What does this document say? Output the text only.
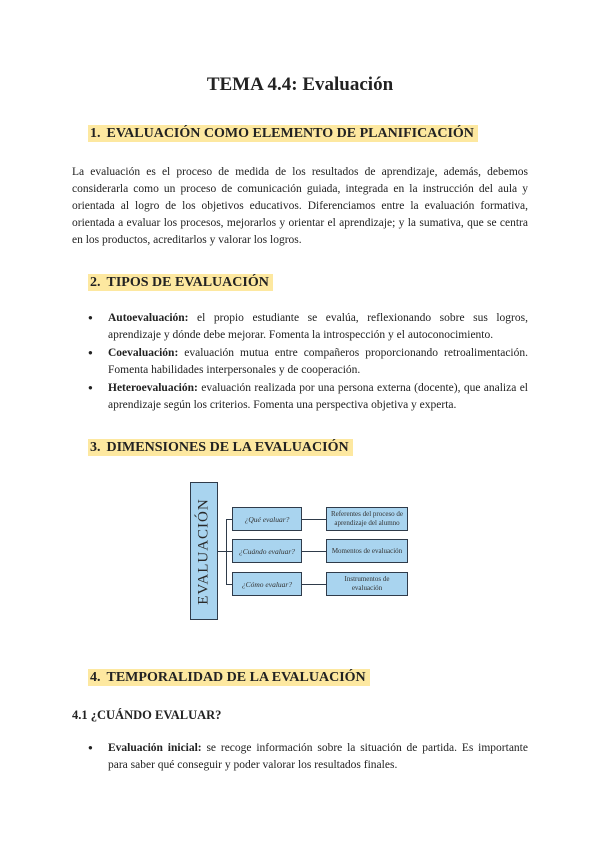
TEMA 4.4: Evaluación
1. EVALUACIÓN COMO ELEMENTO DE PLANIFICACIÓN

La evaluación es el proceso de medida de los resultados de aprendizaje, además, debemos considerarla como un proceso de comunicación guiada, integrada en la instrucción del aula y orientada al logro de los objetivos educativos. Diferenciamos entre la evaluación formativa, orientada a evaluar los procesos, mejorarlos y orientar el aprendizaje; y la sumativa, que se centra en los productos, acreditarlos y valorar los logros.

2. TIPOS DE EVALUACIÓN
● Autoevaluación: el propio estudiante se evalúa, reflexionando sobre sus logros, aprendizaje y dónde debe mejorar. Fomenta la introspección y el autoconocimiento.
● Coevaluación: evaluación mutua entre compañeros proporcionando retroalimentación. Fomenta habilidades interpersonales y de cooperación.
● Heteroevaluación: evaluación realizada por una persona externa (docente), que analiza el aprendizaje según los criterios. Fomenta una perspectiva objetiva y experta.
3. DIMENSIONES DE LA EVALUACIÓN
EVALUACIÓN	¿Qué evaluar?
¿Cuándo evaluar?
¿Cómo evaluar?
Referentes del proceso de aprendizaje del alumno
Momentos de evaluación
Instrumentos de evaluación
4. TEMPORALIDAD DE LA EVALUACIÓN
4.1 ¿CUÁNDO EVALUAR?
● Evaluación inicial: se recoge información sobre la situación de partida. Es importante para saber qué conseguir y poder valorar los resultados finales.
